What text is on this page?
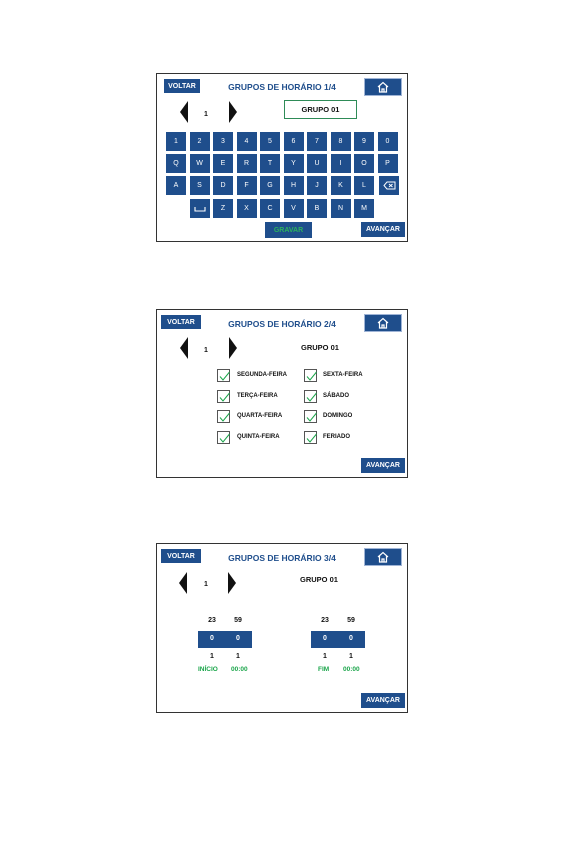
VOLTAR	GRUPOS DE HORÁRIO 1/4
1
GRUPO 01
1	2	3	4	5	6	7	8	9	0
Q	W	E	R	T	Y	U	I	O	P
A	S	D	F	G	H	J	K	L
Z	X	C	V	B	N	M
GRAVAR	AVANÇAR
VOLTAR	GRUPOS DE HORÁRIO 2/4
1	GRUPO 01
SEGUNDA-FEIRA
TERÇA-FEIRA
QUARTA-FEIRA
QUINTA-FEIRA
SEXTA-FEIRA
SÁBADO
DOMINGO
FERIADO
AVANÇAR
VOLTAR	GRUPOS DE HORÁRIO 3/4
1
GRUPO 01
23	59
0	0
1	1
INÍCIO 00:00
23	59
0	0
1	1
FIM 00:00
AVANÇAR
